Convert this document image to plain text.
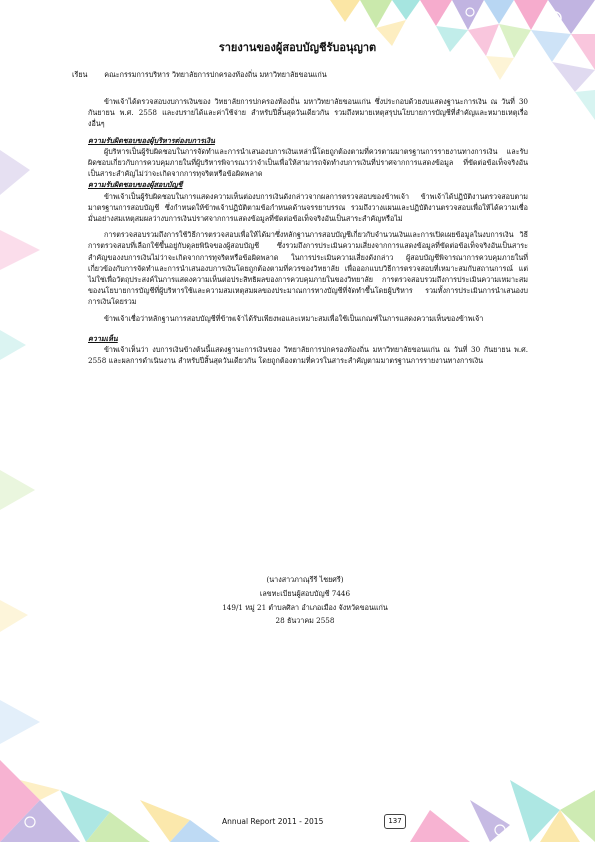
รายงานของผู้สอบบัญชีรับอนุญาต
เรียน คณะกรรมการบริหาร วิทยาลัยการปกครองท้องถิ่น มหาวิทยาลัยขอนแก่น

ข้าพเจ้าได้ตรวจสอบงบการเงินของ วิทยาลัยการปกครองท้องถิ่น มหาวิทยาลัยขอนแก่น ซึ่งประกอบด้วยงบแสดงฐานะการเงิน ณ วันที่ 30 กันยายน พ.ศ. 2558 และงบรายได้และค่าใช้จ่าย สำหรับปีสิ้นสุดวันเดียวกัน รวมถึงหมายเหตุสรุปนโยบายการบัญชีที่สำคัญและหมายเหตุเรื่องอื่นๆ

ความรับผิดชอบของผู้บริหารต่องบการเงิน

ผู้บริหารเป็นผู้รับผิดชอบในการจัดทำและการนำเสนองบการเงินเหล่านี้โดยถูกต้องตามที่ควรตามมาตรฐานการรายงานทางการเงิน และรับผิดชอบเกี่ยวกับการควบคุมภายในที่ผู้บริหารพิจารณาว่าจำเป็นเพื่อให้สามารถจัดทำงบการเงินที่ปราศจากการแสดงข้อมูล ที่ขัดต่อข้อเท็จจริงอันเป็นสาระสำคัญไม่ว่าจะเกิดจากการทุจริตหรือข้อผิดพลาด

ความรับผิดชอบของผู้สอบบัญชี

ข้าพเจ้าเป็นผู้รับผิดชอบในการแสดงความเห็นต่องบการเงินดังกล่าวจากผลการตรวจสอบของข้าพเจ้า ข้าพเจ้าได้ปฏิบัติงานตรวจสอบตามมาตรฐานการสอบบัญชี ซึ่งกำหนดให้ข้าพเจ้าปฏิบัติตามข้อกำหนดด้านจรรยาบรรณ รวมถึงวางแผนและปฏิบัติงานตรวจสอบเพื่อให้ได้ความเชื่อมั่นอย่างสมเหตุสมผลว่างบการเงินปราศจากการแสดงข้อมูลที่ขัดต่อข้อเท็จจริงอันเป็นสาระสำคัญหรือไม่

การตรวจสอบรวมถึงการใช้วิธีการตรวจสอบเพื่อให้ได้มาซึ่งหลักฐานการสอบบัญชีเกี่ยวกับจำนวนเงินและการเปิดเผยข้อมูลในงบการเงิน วิธีการตรวจสอบที่เลือกใช้ขึ้นอยู่กับดุลยพินิจของผู้สอบบัญชี ซึ่งรวมถึงการประเมินความเสี่ยงจากการแสดงข้อมูลที่ขัดต่อข้อเท็จจริงอันเป็นสาระสำคัญของงบการเงินไม่ว่าจะเกิดจากการทุจริตหรือข้อผิดพลาด ในการประเมินความเสี่ยงดังกล่าว ผู้สอบบัญชีพิจารณาการควบคุมภายในที่เกี่ยวข้องกับการจัดทำและการนำเสนองบการเงินโดยถูกต้องตามที่ควรของวิทยาลัย เพื่อออกแบบวิธีการตรวจสอบที่เหมาะสมกับสถานการณ์ แต่ไม่ใช่เพื่อวัตถุประสงค์ในการแสดงความเห็นต่อประสิทธิผลของการควบคุมภายในของวิทยาลัย การตรวจสอบรวมถึงการประเมินความเหมาะสมของนโยบายการบัญชีที่ผู้บริหารใช้และความสมเหตุสมผลของประมาณการทางบัญชีที่จัดทำขึ้นโดยผู้บริหาร รวมทั้งการประเมินการนำเสนองบการเงินโดยรวม

ข้าพเจ้าเชื่อว่าหลักฐานการสอบบัญชีที่ข้าพเจ้าได้รับเพียงพอและเหมาะสมเพื่อใช้เป็นเกณฑ์ในการแสดงความเห็นของข้าพเจ้า

ความเห็น

ข้าพเจ้าเห็นว่า งบการเงินข้างต้นนี้แสดงฐานะการเงินของ วิทยาลัยการปกครองท้องถิ่น มหาวิทยาลัยขอนแก่น ณ วันที่ 30 กันยายน พ.ศ. 2558 และผลการดำเนินงาน สำหรับปีสิ้นสุดวันเดียวกัน โดยถูกต้องตามที่ควรในสาระสำคัญตามมาตรฐานการรายงานทางการเงิน

(นางสาวภาณุรีรี ไชยศรี)
เลขทะเบียนผู้สอบบัญชี 7446
149/1 หมู่ 21 ตำบลศิลา อำเภอเมือง จังหวัดขอนแก่น
28 ธันวาคม 2558
Annual Report 2011 - 2015	137
